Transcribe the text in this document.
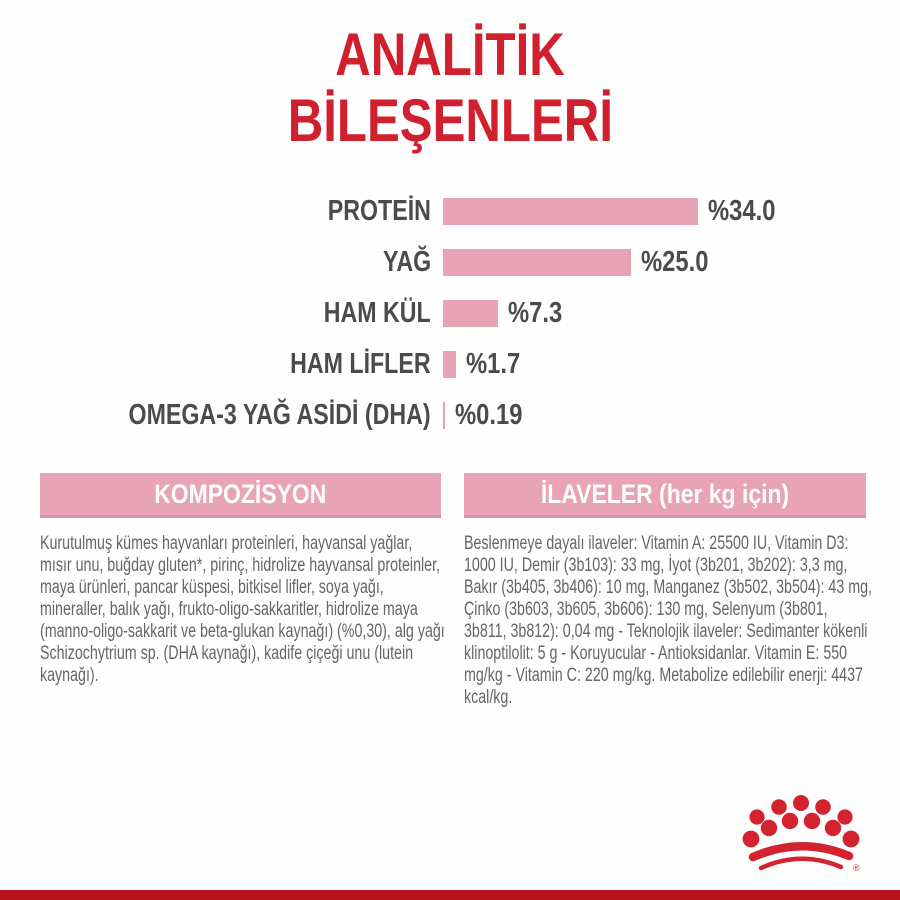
ANALİTİK
BİLEŞENLERİ
PROTEİN	%34.0
YAĞ	%25.0
HAM KÜL	%7.3
HAM LİFLER	%1.7
OMEGA-3 YAĞ ASİDİ (DHA) %0.19
KOMPOZİSYON	İLAVELER (her kg için)
Kurutulmuş kümes hayvanları proteinleri, hayvansal yağlar, mısır unu, buğday gluten*, pirinç, hidrolize hayvansal proteinler, maya ürünleri, pancar küspesi, bitkisel lifler, soya yağı, mineraller, balık yağı, frukto-oligo-sakkaritler, hidrolize maya (manno-oligo-sakkarit ve beta-glukan kaynağı) (%0,30), alg yağı Schizochytrium sp. (DHA kaynağı), kadife çiçeği unu (lutein kaynağı).
Beslenmeye dayalı ilaveler: Vitamin A: 25500 IU, Vitamin D3: 1000 IU, Demir (3b103): 33 mg, İyot (3b201, 3b202): 3,3 mg, Bakır (3b405, 3b406): 10 mg, Manganez (3b502, 3b504): 43 mg, Çinko (3b603, 3b605, 3b606): 130 mg, Selenyum (3b801, 3b811, 3b812): 0,04 mg - Teknolojik ilaveler: Sedimanter kökenli klinoptilolit: 5 g - Koruyucular - Antioksidanlar. Vitamin E: 550 mg/kg - Vitamin C: 220 mg/kg. Metabolize edilebilir enerji: 4437 kcal/kg.
®
